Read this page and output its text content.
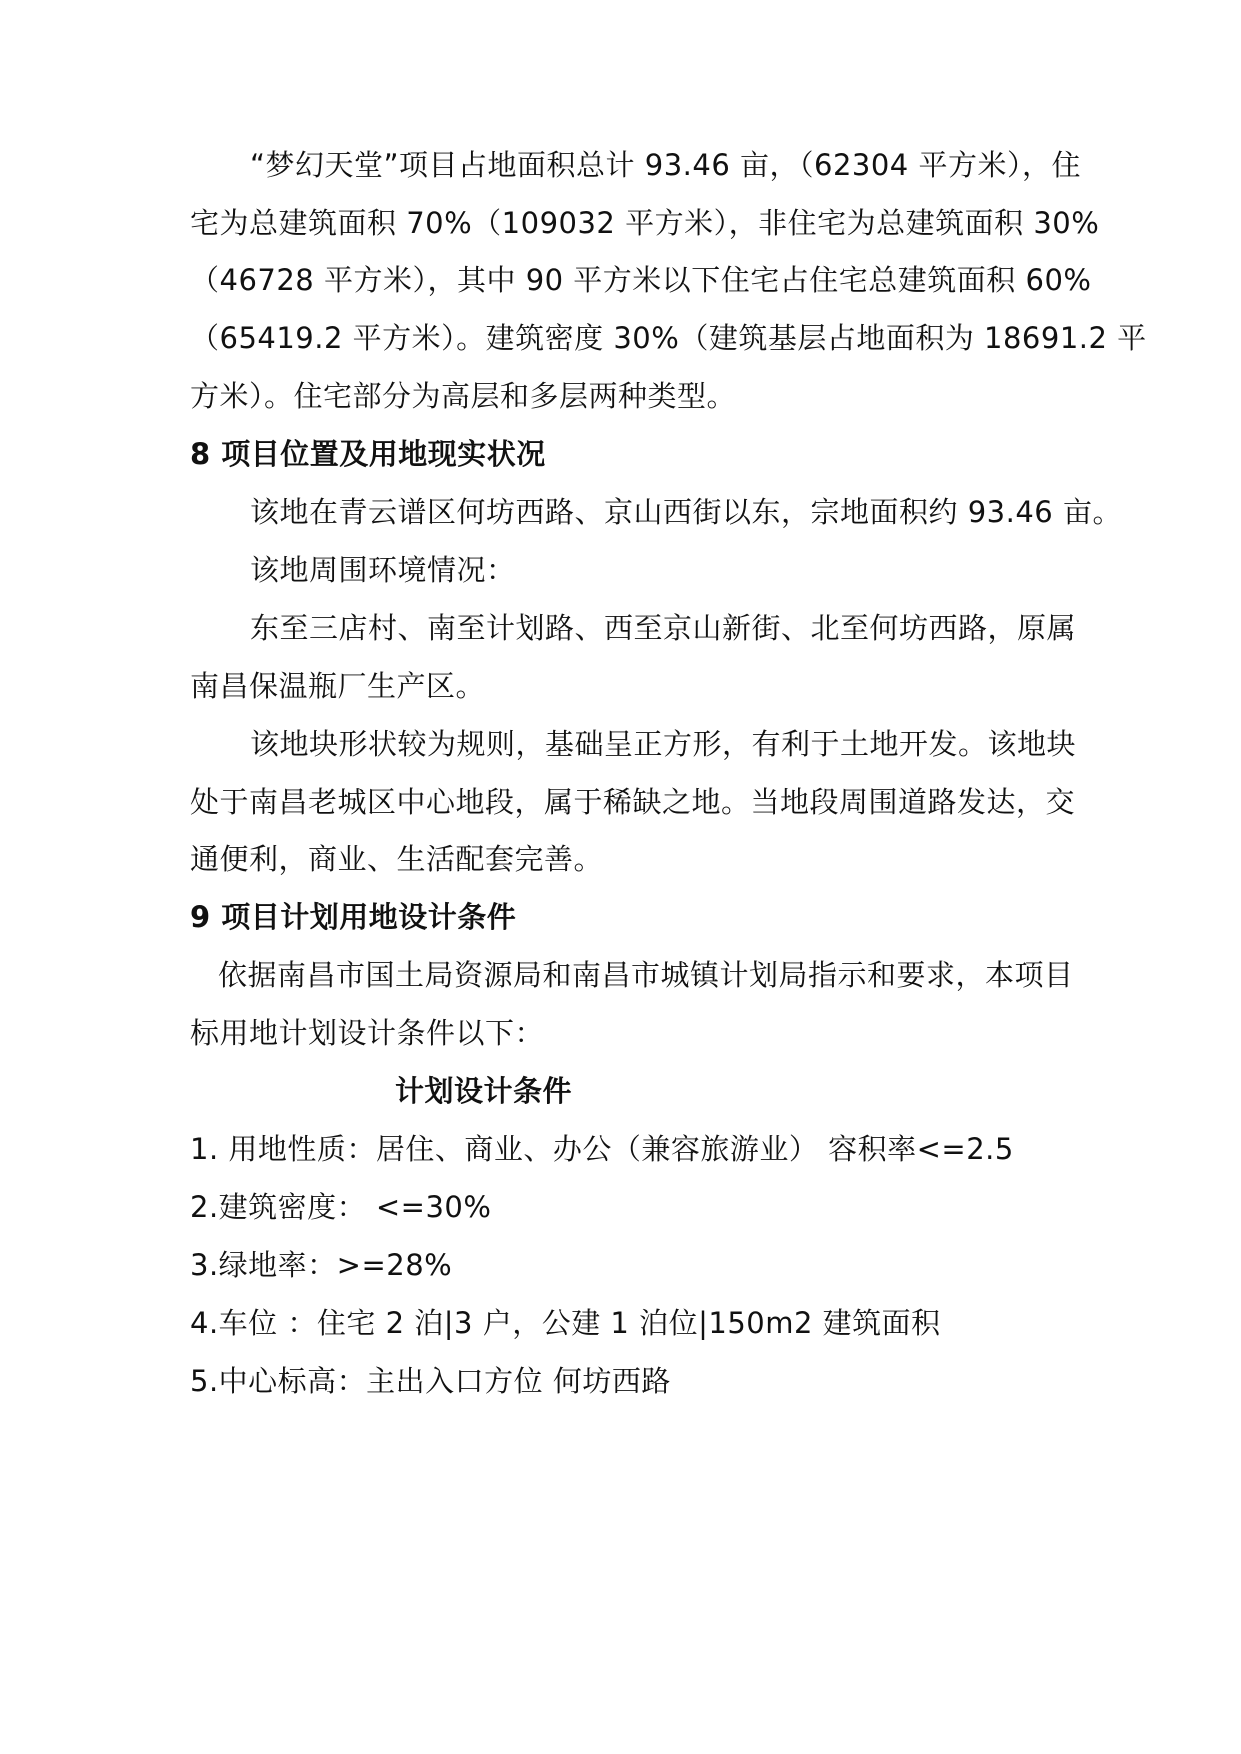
“梦幻天堂”项目占地面积总计 93.46 亩，（62304 平方米），住
宅为总建筑面积 70%（109032 平方米），非住宅为总建筑面积 30%
（46728 平方米），其中 90 平方米以下住宅占住宅总建筑面积 60%
（65419.2 平方米）。建筑密度 30%（建筑基层占地面积为 18691.2 平
方米）。住宅部分为高层和多层两种类型。
8 项目位置及用地现实状况
该地在青云谱区何坊西路、京山西街以东，宗地面积约 93.46 亩。
该地周围环境情况：
东至三店村、南至计划路、西至京山新街、北至何坊西路，原属
南昌保温瓶厂生产区。
该地块形状较为规则，基础呈正方形，有利于土地开发。该地块
处于南昌老城区中心地段，属于稀缺之地。当地段周围道路发达，交
通便利，商业、生活配套完善。
9 项目计划用地设计条件
依据南昌市国土局资源局和南昌市城镇计划局指示和要求，本项目
标用地计划设计条件以下：
计划设计条件
1. 用地性质：居住、商业、办公（兼容旅游业） 容积率<=2.5
2.建筑密度： <=30%
3.绿地率：>=28%
4.车位 ：住宅 2 泊|3 户，公建 1 泊位|150m2 建筑面积
5.中心标高：主出入口方位 何坊西路
